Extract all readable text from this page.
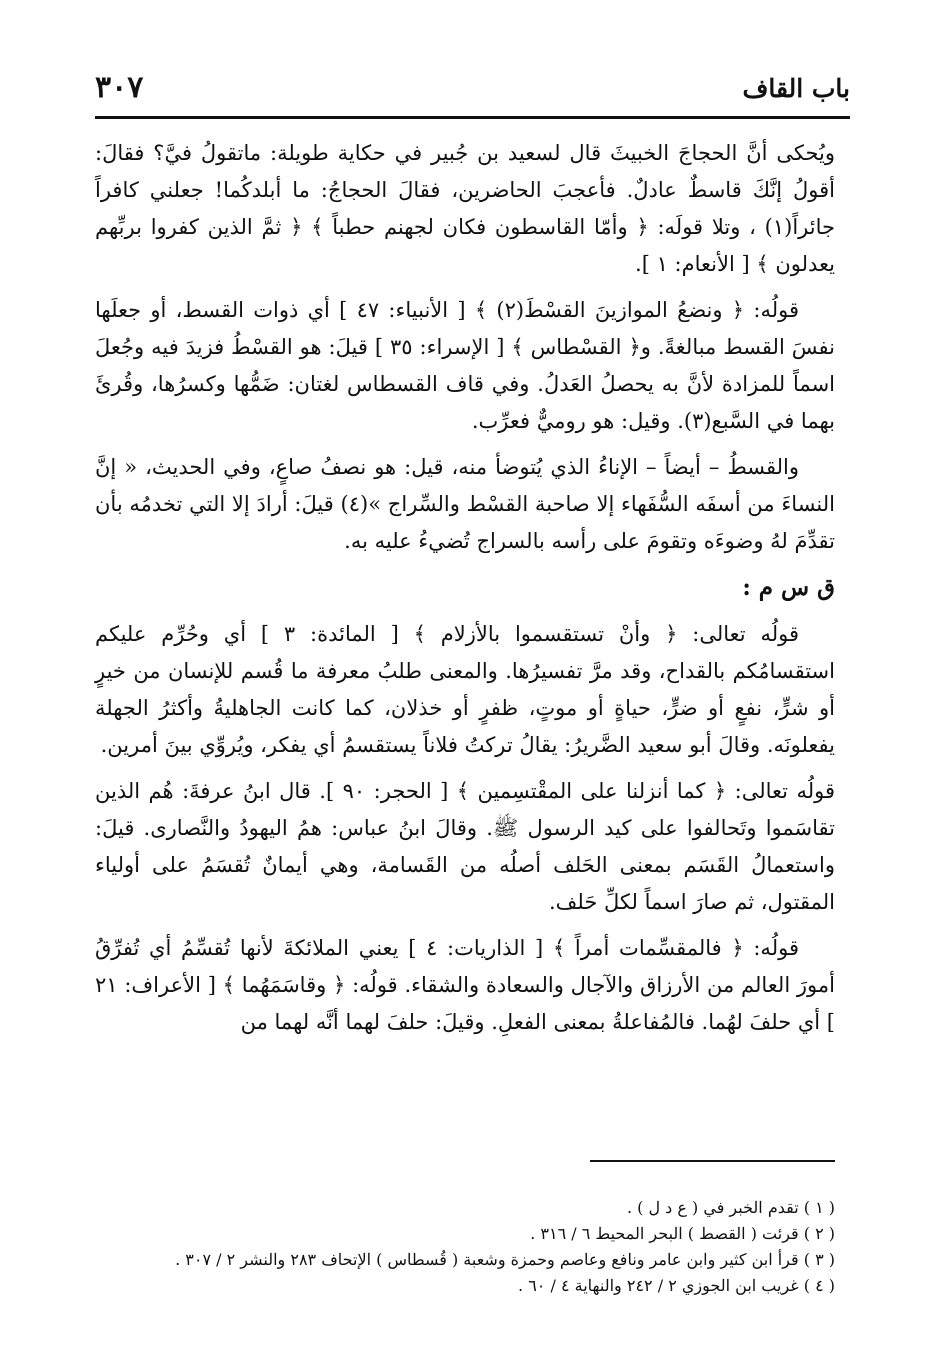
باب القاف
٣٠٧

ويُحكى أنَّ الحجاجَ الخبيثَ قال لسعيد بن جُبير في حكاية طويلة: ماتقولُ فيَّ؟ فقالَ: أقولُ إنَّكَ قاسطٌ عادلٌ. فأعجبَ الحاضرين، فقالَ الحجاجُ: ما أبلدكُما! جعلني كافراً جائراً(١) ، وتلا قولَه: ﴿ وأمّا القاسطون فكان لجهنم حطباً ﴾ ﴿ ثمَّ الذين كفروا بربِّهم يعدلون ﴾ [ الأنعام: ١ ].

قولُه: ﴿ ونضعُ الموازينَ القسْطَ(٢) ﴾ [ الأنبياء: ٤٧ ] أي ذوات القسط، أو جعلَها نفسَ القسط مبالغةً. و﴿ القسْطاس ﴾ [ الإسراء: ٣٥ ] قيلَ: هو القسْطُ فزيدَ فيه وجُعلَ اسماً للمزادة لأنَّ به يحصلُ العَدلُ. وفي قاف القسطاس لغتان: ضَمُّها وكسرُها، وقُرئَ بهما في السَّبع(٣). وقيل: هو روميٌّ فعرِّب.

والقسطُ – أيضاً – الإناءُ الذي يُتوضأ منه، قيل: هو نصفُ صاعٍ، وفي الحديث، « إنَّ النساءَ من أسفَه السُّفَهاء إلا صاحبة القسْط والسِّراج »(٤) قيلَ: أرادَ إلا التي تخدمُه بأن تقدِّمَ لهُ وضوءَه وتقومَ على رأسه بالسراج تُضيءُ عليه به.

ق س م :

قولُه تعالى: ﴿ وأنْ تستقسموا بالأزلام ﴾ [ المائدة: ٣ ] أي وحُرِّم عليكم استقسامُكم بالقداح، وقد مرَّ تفسيرُها. والمعنى طلبُ معرفة ما قُسم للإنسان من خيرٍ أو شرٍّ، نفعٍ أو ضرٍّ، حياةٍ أو موتٍ، ظفرٍ أو خذلان، كما كانت الجاهليةُ وأكثرُ الجهلة يفعلونَه. وقالَ أبو سعيد الضَّريرُ: يقالُ تركتُ فلاناً يستقسمُ أي يفكر، ويُروِّي بينَ أمرين.

قولُه تعالى: ﴿ كما أنزلنا على المقْتسِمين ﴾ [ الحجر: ٩٠ ]. قال ابنُ عرفةَ: هُم الذين تقاسَموا وتَحالفوا على كيد الرسول ﷺ. وقالَ ابنُ عباس: همُ اليهودُ والنَّصارى. قيلَ: واستعمالُ القَسَم بمعنى الحَلف أصلُه من القَسامة، وهي أيمانٌ تُقسَمُ على أولياء المقتول، ثم صارَ اسماً لكلِّ حَلف.

قولُه: ﴿ فالمقسِّمات أمراً ﴾ [ الذاريات: ٤ ] يعني الملائكةَ لأنها تُقسِّمُ أي تُفرِّقُ أمورَ العالم من الأرزاق والآجال والسعادة والشقاء. قولُه: ﴿ وقاسَمَهُما ﴾ [ الأعراف: ٢١ ] أي حلفَ لهُما. فالمُفاعلةُ بمعنى الفعلِ. وقيلَ: حلفَ لهما أنَّه لهما من

( ١ ) تقدم الخبر في ( ع د ل ) .
( ٢ ) قرئت ( القصط ) البحر المحيط ٦ / ٣١٦ .
( ٣ ) قرأ ابن كثير وابن عامر ونافع وعاصم وحمزة وشعبة ( قُسطاس ) الإتحاف ٢٨٣ والنشر ٢ / ٣٠٧ .
( ٤ ) غريب ابن الجوزي ٢ / ٢٤٢ والنهاية ٤ / ٦٠ .
